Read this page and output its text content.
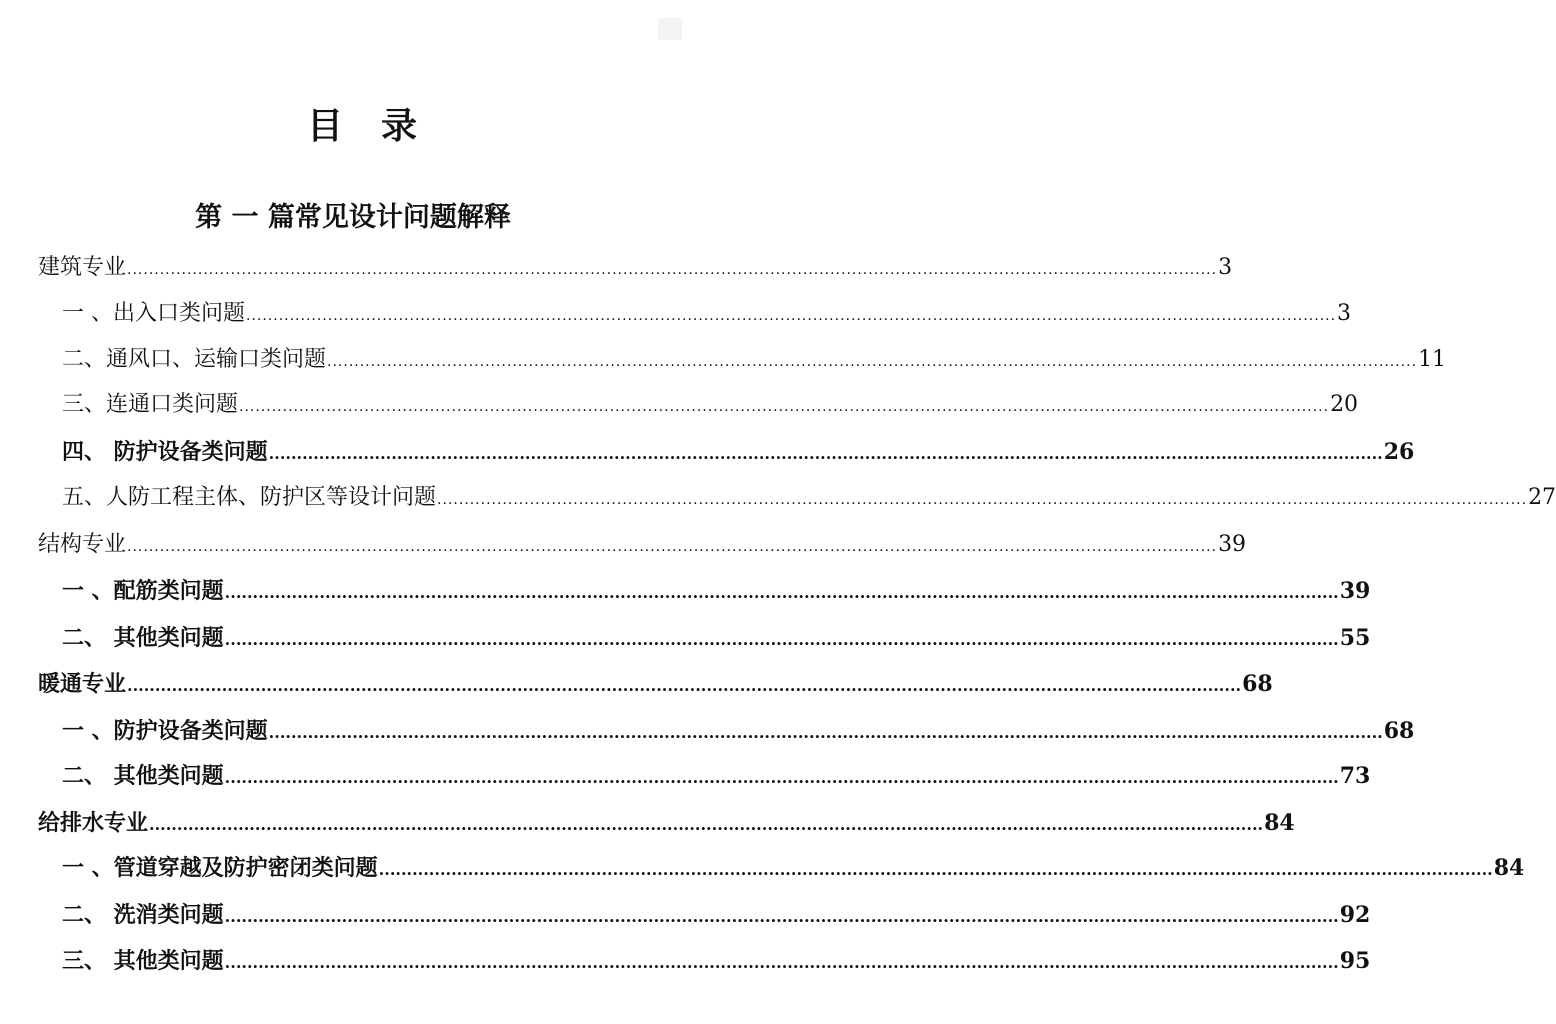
目录
第 一 篇常见设计问题解释
建筑专业 ........................................................................................................................................................................................................ 3
一 、出入口类问题 ........................................................................................................................................................................................................ 3
二、通风口、运输口类问题 ........................................................................................................................................................................................................ 11
三、连通口类问题 ........................................................................................................................................................................................................ 20
四、 防护设备类问题 ........................................................................................................................................................................................................ 26
五、人防工程主体、防护区等设计问题 ........................................................................................................................................................................................................ 27
结构专业 ........................................................................................................................................................................................................ 39
一 、配筋类问题 ........................................................................................................................................................................................................ 39
二、 其他类问题 ........................................................................................................................................................................................................ 55
暖通专业 ........................................................................................................................................................................................................ 68
一 、防护设备类问题 ........................................................................................................................................................................................................ 68
二、 其他类问题 ........................................................................................................................................................................................................ 73
给排水专业 ........................................................................................................................................................................................................ 84
一 、管道穿越及防护密闭类问题 ........................................................................................................................................................................................................ 84
二、 洗消类问题 ........................................................................................................................................................................................................ 92
三、 其他类问题 ........................................................................................................................................................................................................ 95
